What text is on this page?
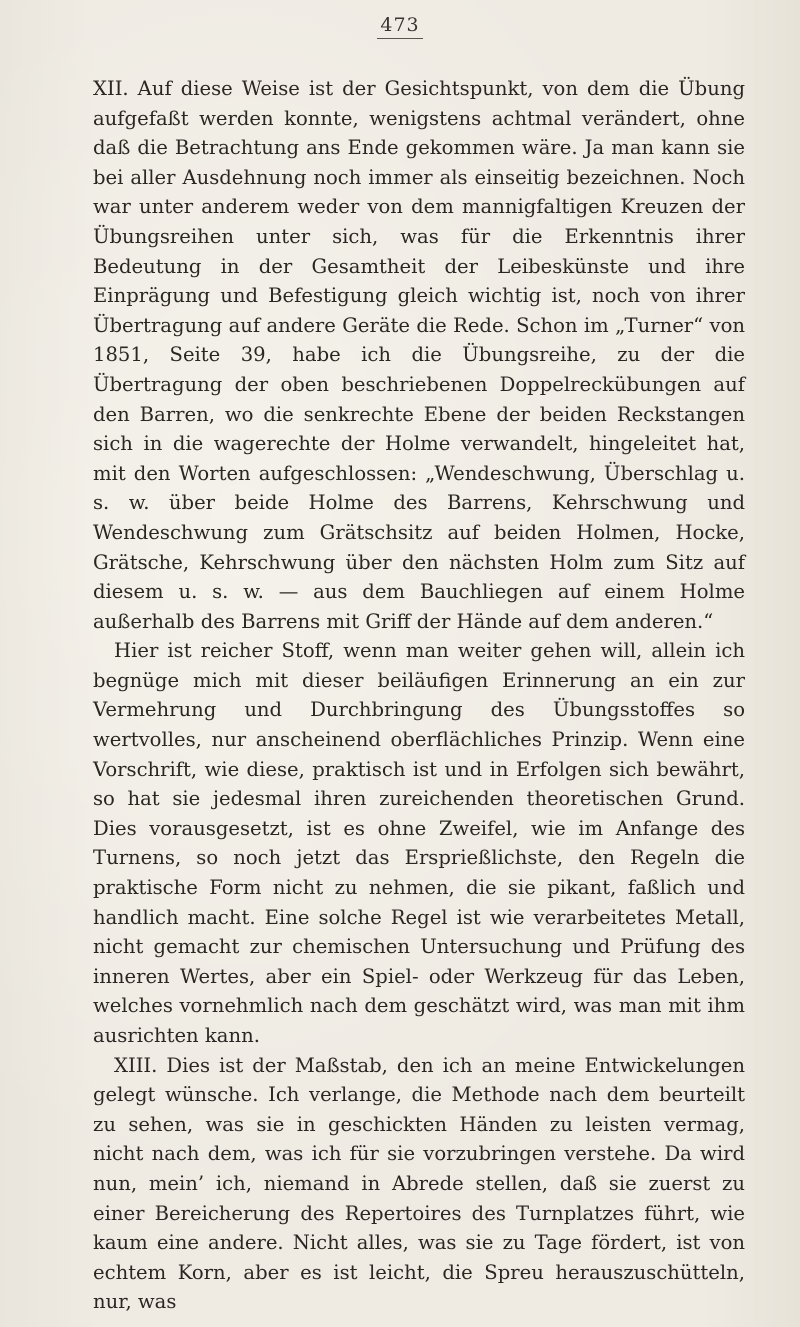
473

XII. Auf diese Weise ist der Gesichtspunkt, von dem die Übung aufgefaßt werden konnte, wenigstens achtmal verändert, ohne daß die Betrachtung ans Ende gekommen wäre. Ja man kann sie bei aller Ausdehnung noch immer als einseitig bezeichnen. Noch war unter anderem weder von dem mannigfaltigen Kreuzen der Übungsreihen unter sich, was für die Erkenntnis ihrer Bedeutung in der Gesamtheit der Leibeskünste und ihre Einprägung und Befestigung gleich wichtig ist, noch von ihrer Übertragung auf andere Geräte die Rede. Schon im „Turner“ von 1851, Seite 39, habe ich die Übungsreihe, zu der die Übertragung der oben beschriebenen Doppelreckübungen auf den Barren, wo die senkrechte Ebene der beiden Reckstangen sich in die wagerechte der Holme verwandelt, hingeleitet hat, mit den Worten aufgeschlossen: „Wendeschwung, Überschlag u. s. w. über beide Holme des Barrens, Kehrschwung und Wendeschwung zum Grätschsitz auf beiden Holmen, Hocke, Grätsche, Kehrschwung über den nächsten Holm zum Sitz auf diesem u. s. w. — aus dem Bauchliegen auf einem Holme außerhalb des Barrens mit Griff der Hände auf dem anderen.“

Hier ist reicher Stoff, wenn man weiter gehen will, allein ich begnüge mich mit dieser beiläufigen Erinnerung an ein zur Vermehrung und Durchbringung des Übungsstoffes so wertvolles, nur anscheinend oberflächliches Prinzip. Wenn eine Vorschrift, wie diese, praktisch ist und in Erfolgen sich bewährt, so hat sie jedesmal ihren zureichenden theoretischen Grund. Dies vorausgesetzt, ist es ohne Zweifel, wie im Anfange des Turnens, so noch jetzt das Ersprießlichste, den Regeln die praktische Form nicht zu nehmen, die sie pikant, faßlich und handlich macht. Eine solche Regel ist wie verarbeitetes Metall, nicht gemacht zur chemischen Untersuchung und Prüfung des inneren Wertes, aber ein Spiel- oder Werkzeug für das Leben, welches vornehmlich nach dem geschätzt wird, was man mit ihm ausrichten kann.

XIII. Dies ist der Maßstab, den ich an meine Entwickelungen gelegt wünsche. Ich verlange, die Methode nach dem beurteilt zu sehen, was sie in geschickten Händen zu leisten vermag, nicht nach dem, was ich für sie vorzubringen verstehe. Da wird nun, mein’ ich, niemand in Abrede stellen, daß sie zuerst zu einer Bereicherung des Repertoires des Turnplatzes führt, wie kaum eine andere. Nicht alles, was sie zu Tage fördert, ist von echtem Korn, aber es ist leicht, die Spreu herauszuschütteln, nur, was
